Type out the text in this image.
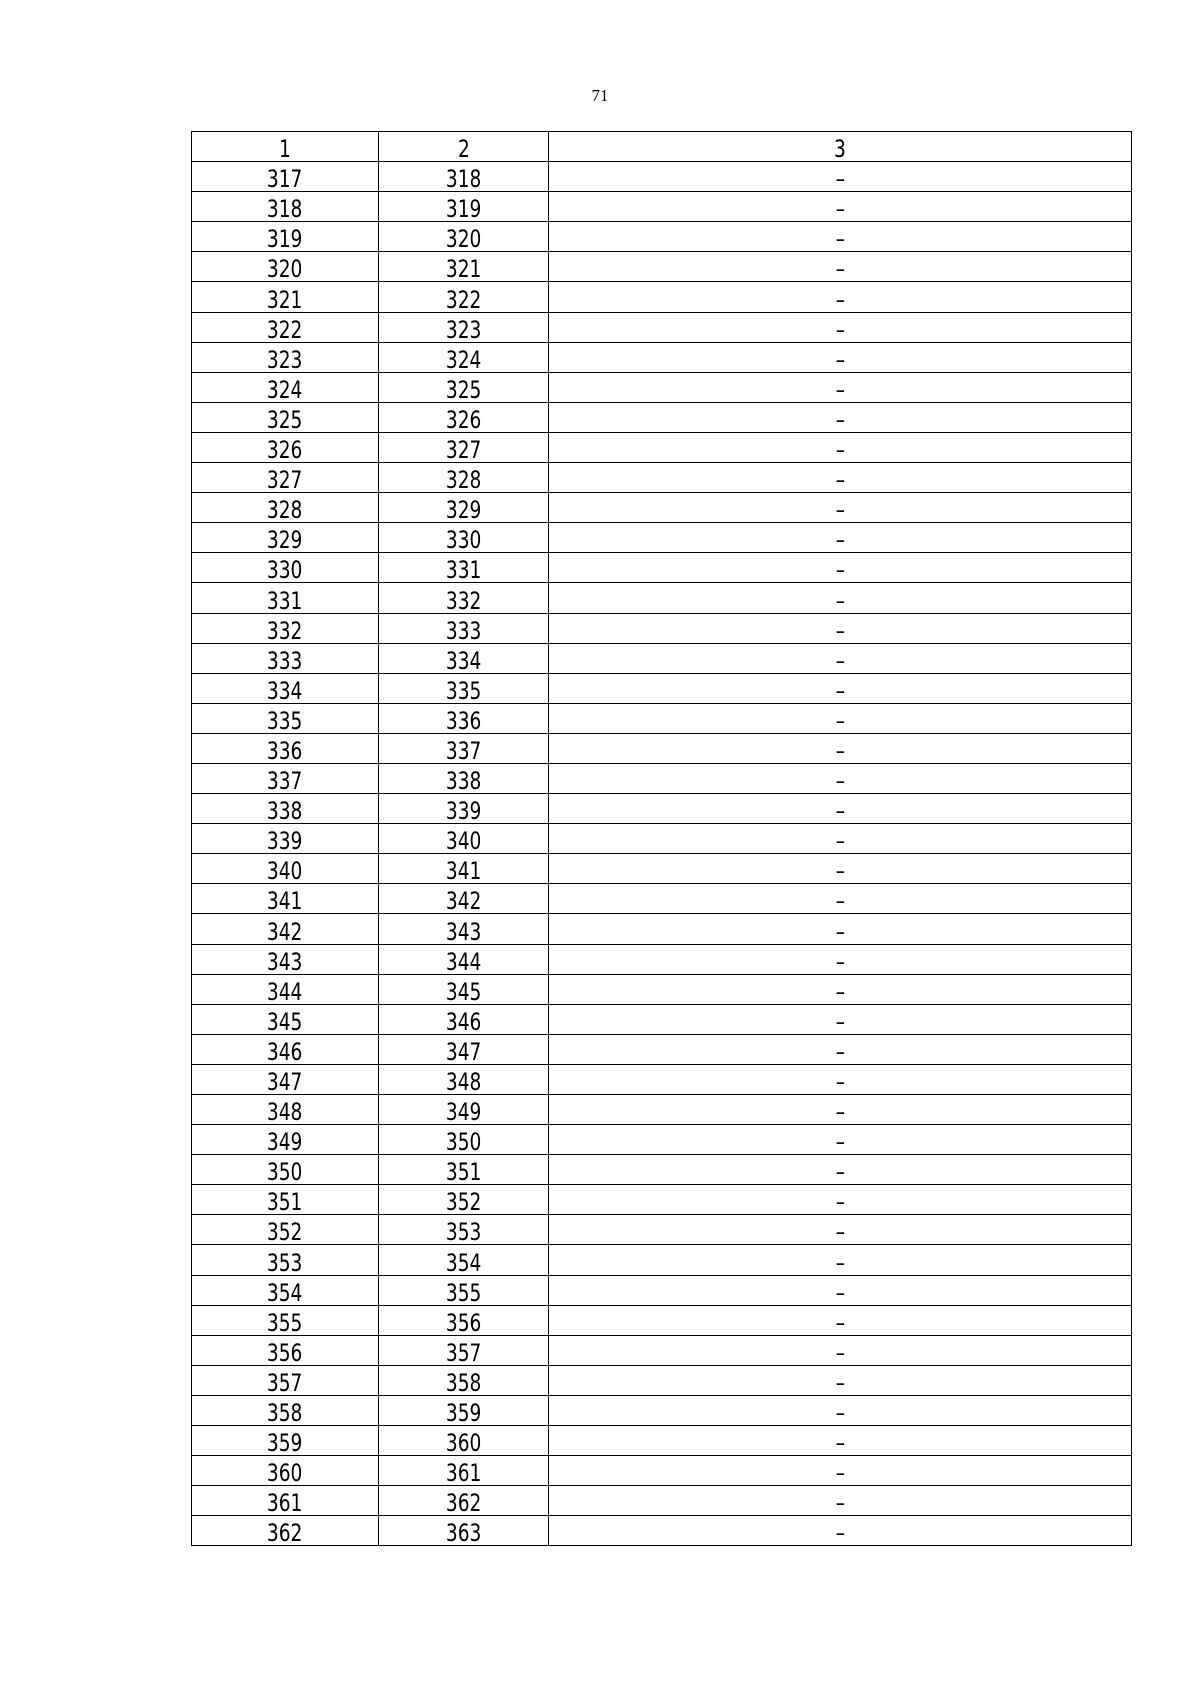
71
1	2	3
317	318	–
318	319	–
319	320	–
320	321	–
321	322	–
322	323	–
323	324	–
324	325	–
325	326	–
326	327	–
327	328	–
328	329	–
329	330	–
330	331	–
331	332	–
332	333	–
333	334	–
334	335	–
335	336	–
336	337	–
337	338	–
338	339	–
339	340	–
340	341	–
341	342	–
342	343	–
343	344	–
344	345	–
345	346	–
346	347	–
347	348	–
348	349	–
349	350	–
350	351	–
351	352	–
352	353	–
353	354	–
354	355	–
355	356	–
356	357	–
357	358	–
358	359	–
359	360	–
360	361	–
361	362	–
362	363	–
